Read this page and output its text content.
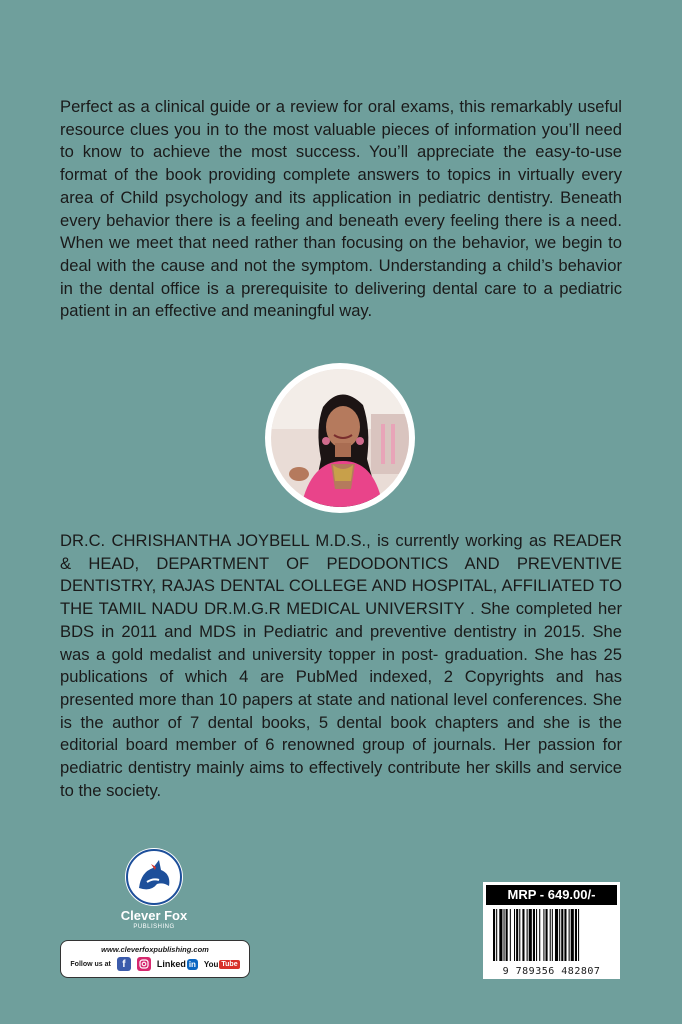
Perfect as a clinical guide or a review for oral exams, this remarkably useful resource clues you in to the most valuable pieces of information you’ll need to know to achieve the most success. You’ll appreciate the easy-to-use format of the book providing complete answers to topics in virtually every area of Child psychology and its application in pediatric dentistry. Beneath every behavior there is a feeling and beneath every feeling there is a need. When we meet that need rather than focusing on the behavior, we begin to deal with the cause and not the symptom. Understanding a child’s behavior in the dental office is a prerequisite to delivering dental care to a pediatric patient in an effective and meaningful way.

DR.C. CHRISHANTHA JOYBELL M.D.S., is currently working as READER & HEAD, DEPARTMENT OF PEDODONTICS AND PREVENTIVE DENTISTRY, RAJAS DENTAL COLLEGE AND HOSPITAL, AFFILIATED TO THE TAMIL NADU DR.M.G.R MEDICAL UNIVERSITY . She completed her BDS in 2011 and MDS in Pediatric and preventive dentistry in 2015. She was a gold medalist and university topper in post- graduation. She has 25 publications of which 4 are PubMed indexed, 2 Copyrights and has presented more than 10 papers at state and national level conferences. She is the author of 7 dental books, 5 dental book chapters and she is the editorial board member of 6 renowned group of journals. Her passion for pediatric dentistry mainly aims to effectively contribute her skills and service to the society.

Clever Fox
PUBLISHING
www.cleverfoxpublishing.com
Follow us at	f	Linked in You Tube
MRP - 649.00/-
9 789356 482807
